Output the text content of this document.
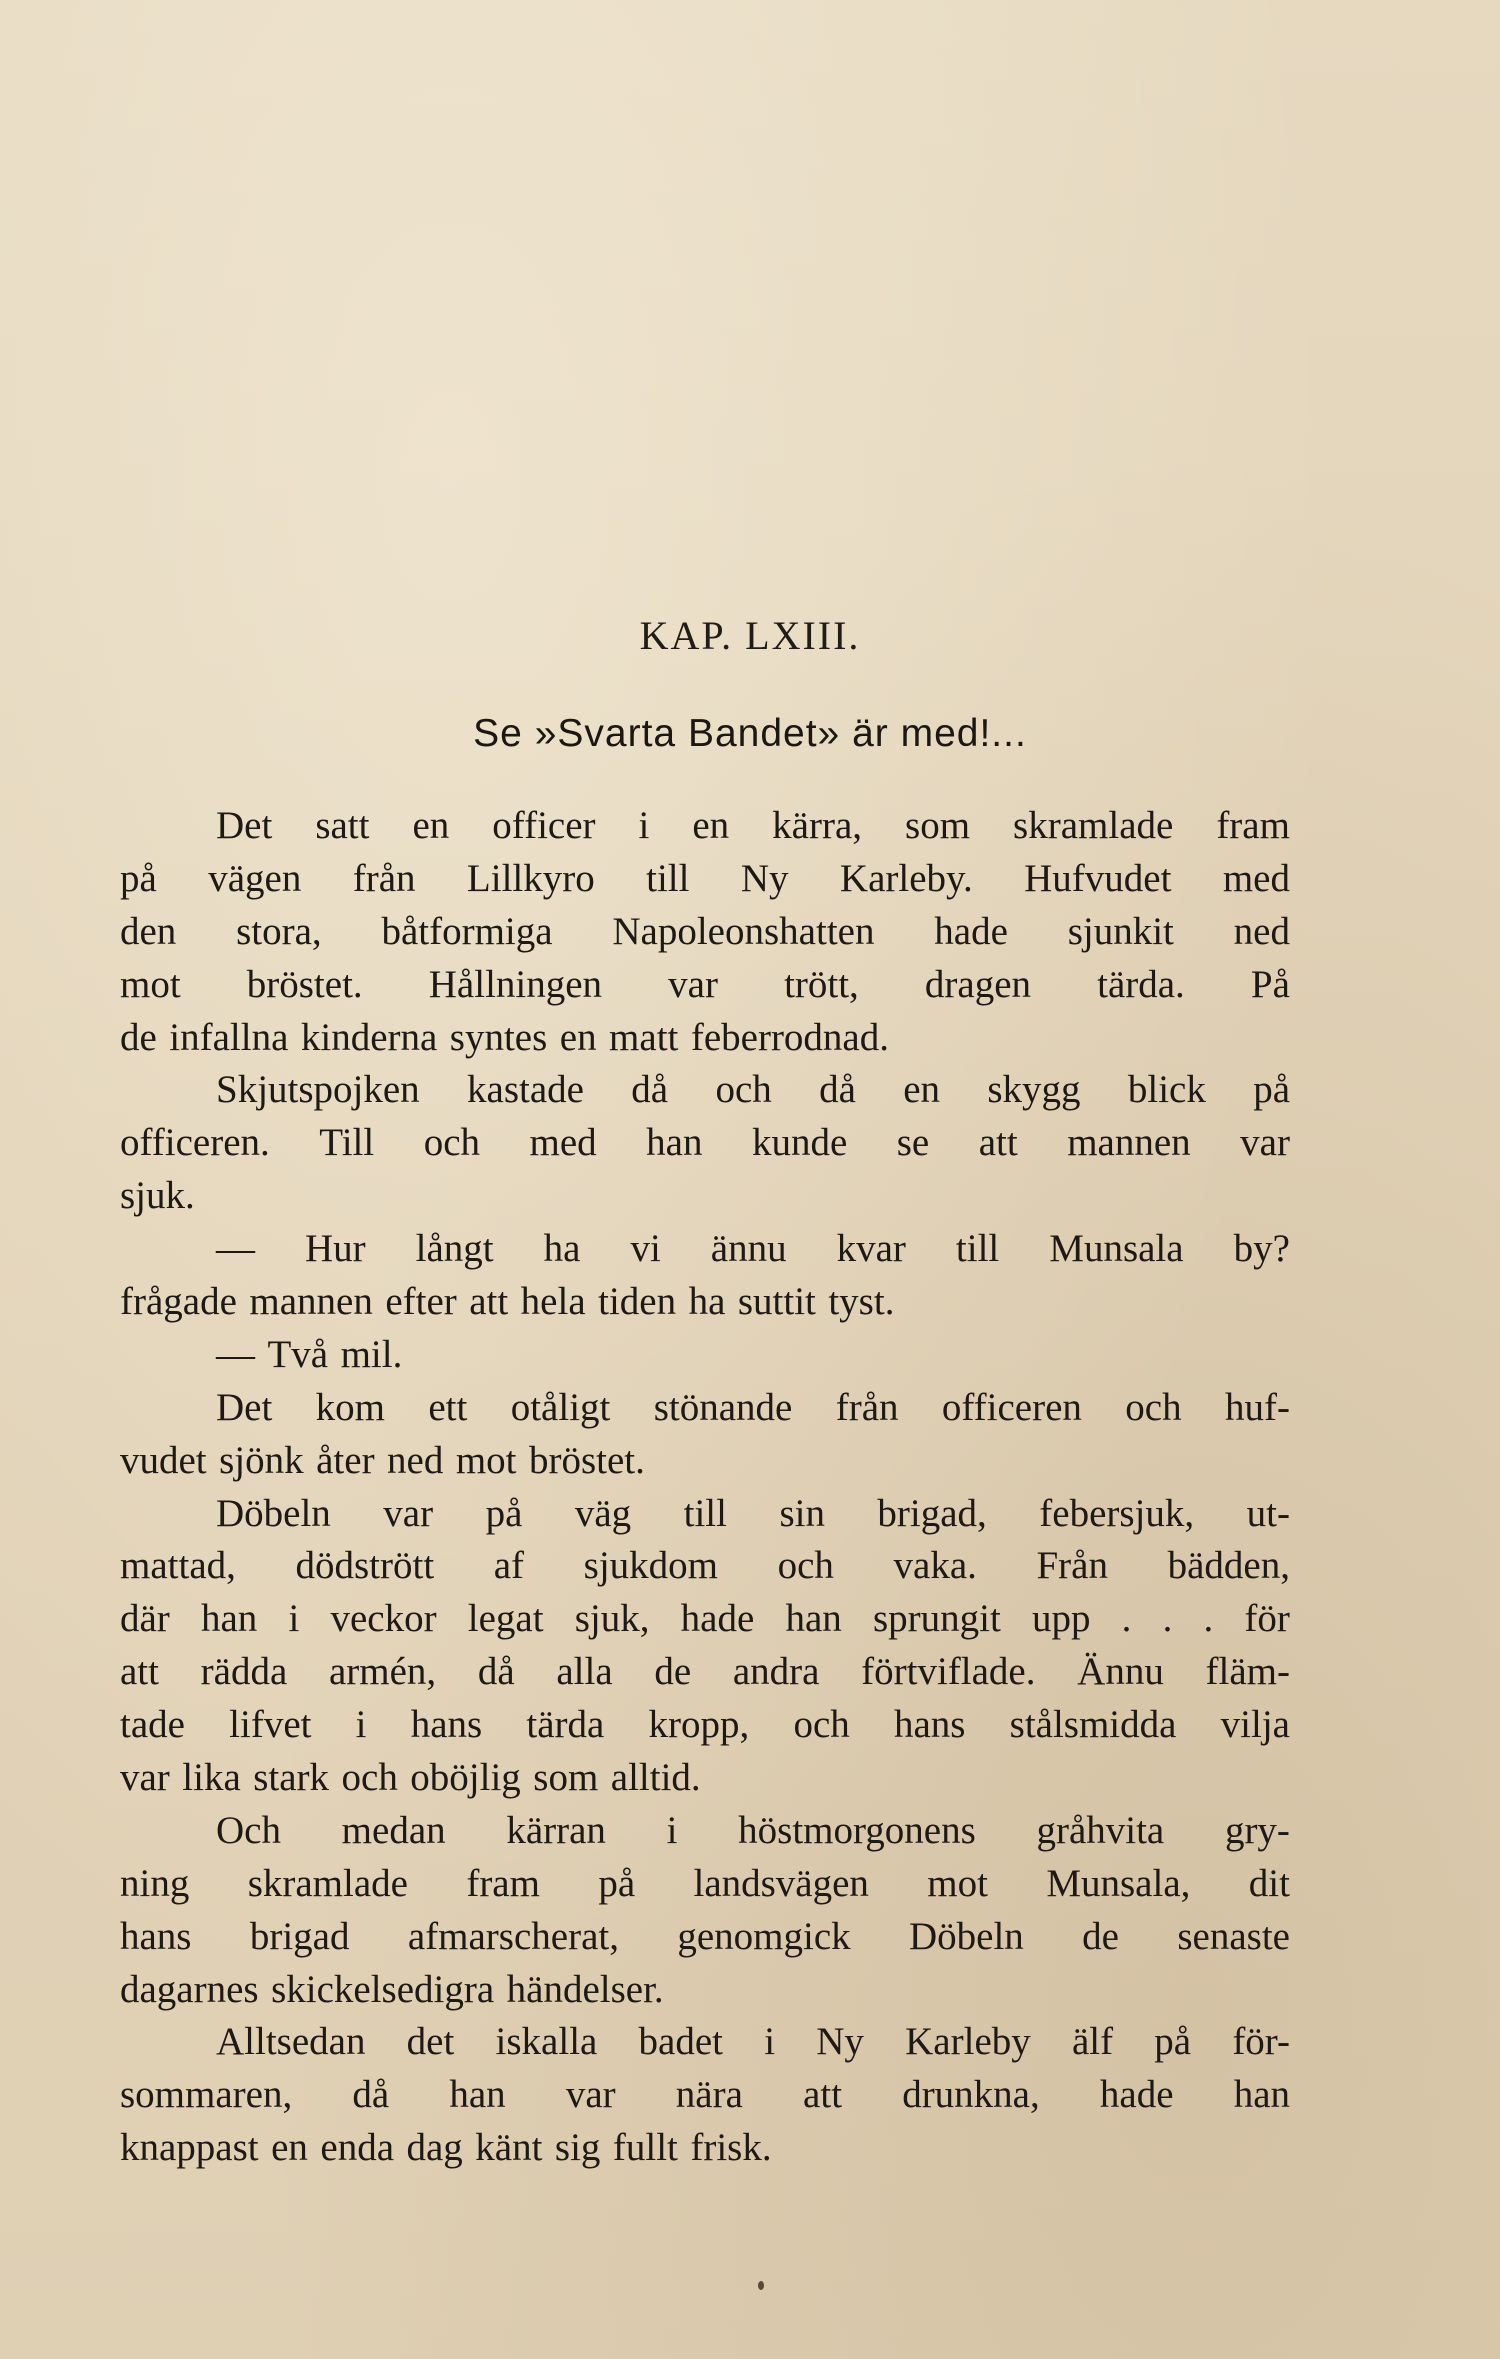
KAP. LXIII.
Se »Svarta Bandet» är med!...
Det satt en officer i en kärra, som skramlade fram
på vägen från Lillkyro till Ny Karleby. Hufvudet med
den stora, båtformiga Napoleonshatten hade sjunkit ned
mot bröstet. Hållningen var trött, dragen tärda. På
de infallna kinderna syntes en matt feberrodnad.
Skjutspojken kastade då och då en skygg blick på
officeren. Till och med han kunde se att mannen var
sjuk.
— Hur långt ha vi ännu kvar till Munsala by?
frågade mannen efter att hela tiden ha suttit tyst.
— Två mil.
Det kom ett otåligt stönande från officeren och huf-
vudet sjönk åter ned mot bröstet.
Döbeln var på väg till sin brigad, febersjuk, ut-
mattad, dödstrött af sjukdom och vaka. Från bädden,
där han i veckor legat sjuk, hade han sprungit upp . . . för
att rädda armén, då alla de andra förtviflade. Ännu fläm-
tade lifvet i hans tärda kropp, och hans stålsmidda vilja
var lika stark och oböjlig som alltid.
Och medan kärran i höstmorgonens gråhvita gry-
ning skramlade fram på landsvägen mot Munsala, dit
hans brigad afmarscherat, genomgick Döbeln de senaste
dagarnes skickelsedigra händelser.
Alltsedan det iskalla badet i Ny Karleby älf på för-
sommaren, då han var nära att drunkna, hade han
knappast en enda dag känt sig fullt frisk.
